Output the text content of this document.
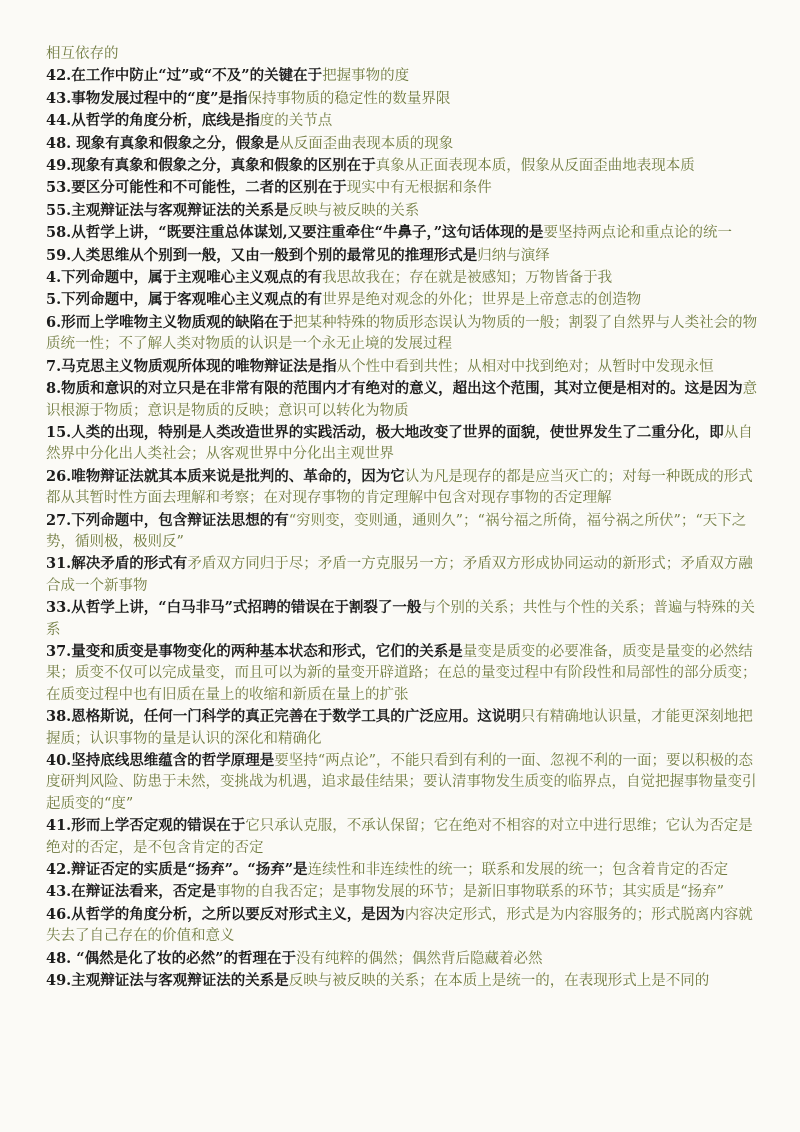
相互依存的
42.在工作中防止“过”或“不及”的关键在于把握事物的度
43.事物发展过程中的“度”是指保持事物质的稳定性的数量界限
44.从哲学的角度分析，底线是指度的关节点
48. 现象有真象和假象之分，假象是从反面歪曲表现本质的现象
49.现象有真象和假象之分，真象和假象的区别在于真象从正面表现本质，假象从反面歪曲地表现本质
53.要区分可能性和不可能性，二者的区别在于现实中有无根据和条件
55.主观辩证法与客观辩证法的关系是反映与被反映的关系
58.从哲学上讲，“既要注重总体谋划,又要注重牵住“牛鼻子，”这句话体现的是要坚持两点论和重点论的统一
59.人类思维从个别到一般，又由一般到个别的最常见的推理形式是归纳与演绎
4.下列命题中，属于主观唯心主义观点的有我思故我在；存在就是被感知；万物皆备于我
5.下列命题中，属于客观唯心主义观点的有世界是绝对观念的外化；世界是上帝意志的创造物
6.形而上学唯物主义物质观的缺陷在于把某种特殊的物质形态误认为物质的一般；割裂了自然界与人类社会的物质统一性；不了解人类对物质的认识是一个永无止境的发展过程
7.马克思主义物质观所体现的唯物辩证法是指从个性中看到共性；从相对中找到绝对；从暂时中发现永恒
8.物质和意识的对立只是在非常有限的范围内才有绝对的意义，超出这个范围，其对立便是相对的。这是因为意识根源于物质；意识是物质的反映；意识可以转化为物质
15.人类的出现，特别是人类改造世界的实践活动，极大地改变了世界的面貌，使世界发生了二重分化，即从自然界中分化出人类社会；从客观世界中分化出主观世界
26.唯物辩证法就其本质来说是批判的、革命的，因为它认为凡是现存的都是应当灭亡的；对每一种既成的形式都从其暂时性方面去理解和考察；在对现存事物的肯定理解中包含对现存事物的否定理解
27.下列命题中，包含辩证法思想的有“穷则变，变则通，通则久”；“祸兮福之所倚，福兮祸之所伏”；“天下之势，循则极，极则反”
31.解决矛盾的形式有矛盾双方同归于尽；矛盾一方克服另一方；矛盾双方形成协同运动的新形式；矛盾双方融合成一个新事物
33.从哲学上讲，“白马非马”式招聘的错误在于割裂了一般与个别的关系；共性与个性的关系；普遍与特殊的关系
37.量变和质变是事物变化的两种基本状态和形式，它们的关系是量变是质变的必要准备，质变是量变的必然结果；质变不仅可以完成量变，而且可以为新的量变开辟道路；在总的量变过程中有阶段性和局部性的部分质变；在质变过程中也有旧质在量上的收缩和新质在量上的扩张
38.恩格斯说，任何一门科学的真正完善在于数学工具的广泛应用。这说明只有精确地认识量，才能更深刻地把握质；认识事物的量是认识的深化和精确化
40.坚持底线思维蕴含的哲学原理是要坚持“两点论”，不能只看到有利的一面、忽视不利的一面；要以积极的态度研判风险、防患于未然，变挑战为机遇，追求最佳结果；要认清事物发生质变的临界点，自觉把握事物量变引起质变的“度”
41.形而上学否定观的错误在于它只承认克服，不承认保留；它在绝对不相容的对立中进行思维；它认为否定是绝对的否定，是不包含肯定的否定
42.辩证否定的实质是“扬弃”。“扬弃”是连续性和非连续性的统一；联系和发展的统一；包含着肯定的否定
43.在辩证法看来，否定是事物的自我否定；是事物发展的环节；是新旧事物联系的环节；其实质是“扬弃”
46.从哲学的角度分析，之所以要反对形式主义，是因为内容决定形式，形式是为内容服务的；形式脱离内容就失去了自己存在的价值和意义
48. “偶然是化了妆的必然”的哲理在于没有纯粹的偶然；偶然背后隐藏着必然
49.主观辩证法与客观辩证法的关系是反映与被反映的关系；在本质上是统一的，在表现形式上是不同的
